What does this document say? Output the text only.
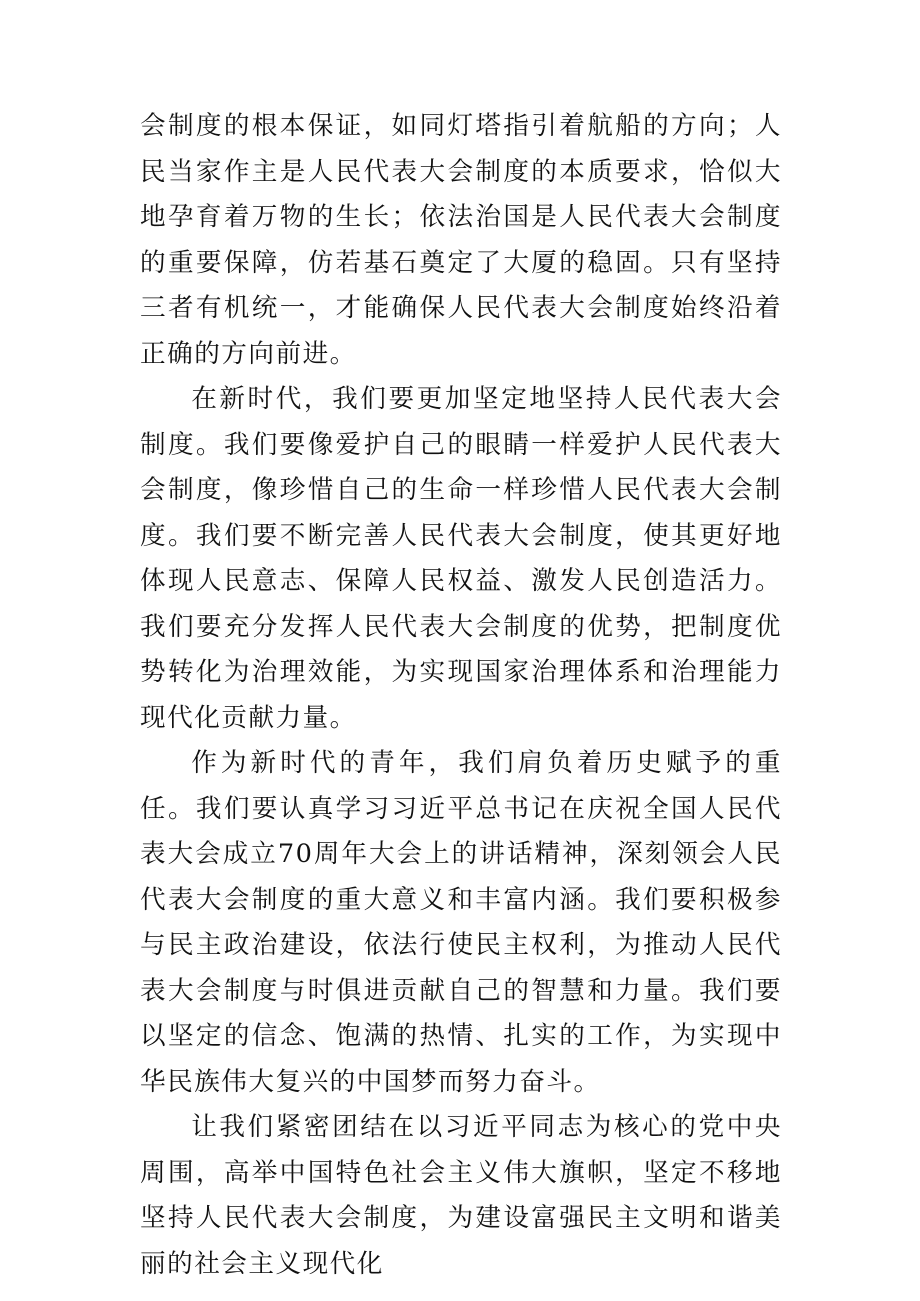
会制度的根本保证，如同灯塔指引着航船的方向；人民当家作主是人民代表大会制度的本质要求，恰似大地孕育着万物的生长；依法治国是人民代表大会制度的重要保障，仿若基石奠定了大厦的稳固。只有坚持三者有机统一，才能确保人民代表大会制度始终沿着正确的方向前进。

在新时代，我们要更加坚定地坚持人民代表大会制度。我们要像爱护自己的眼睛一样爱护人民代表大会制度，像珍惜自己的生命一样珍惜人民代表大会制度。我们要不断完善人民代表大会制度，使其更好地体现人民意志、保障人民权益、激发人民创造活力。我们要充分发挥人民代表大会制度的优势，把制度优势转化为治理效能，为实现国家治理体系和治理能力现代化贡献力量。

作为新时代的青年，我们肩负着历史赋予的重任。我们要认真学习习近平总书记在庆祝全国人民代表大会成立70周年大会上的讲话精神，深刻领会人民代表大会制度的重大意义和丰富内涵。我们要积极参与民主政治建设，依法行使民主权利，为推动人民代表大会制度与时俱进贡献自己的智慧和力量。我们要以坚定的信念、饱满的热情、扎实的工作，为实现中华民族伟大复兴的中国梦而努力奋斗。

让我们紧密团结在以习近平同志为核心的党中央周围，高举中国特色社会主义伟大旗帜，坚定不移地坚持人民代表大会制度，为建设富强民主文明和谐美丽的社会主义现代化
